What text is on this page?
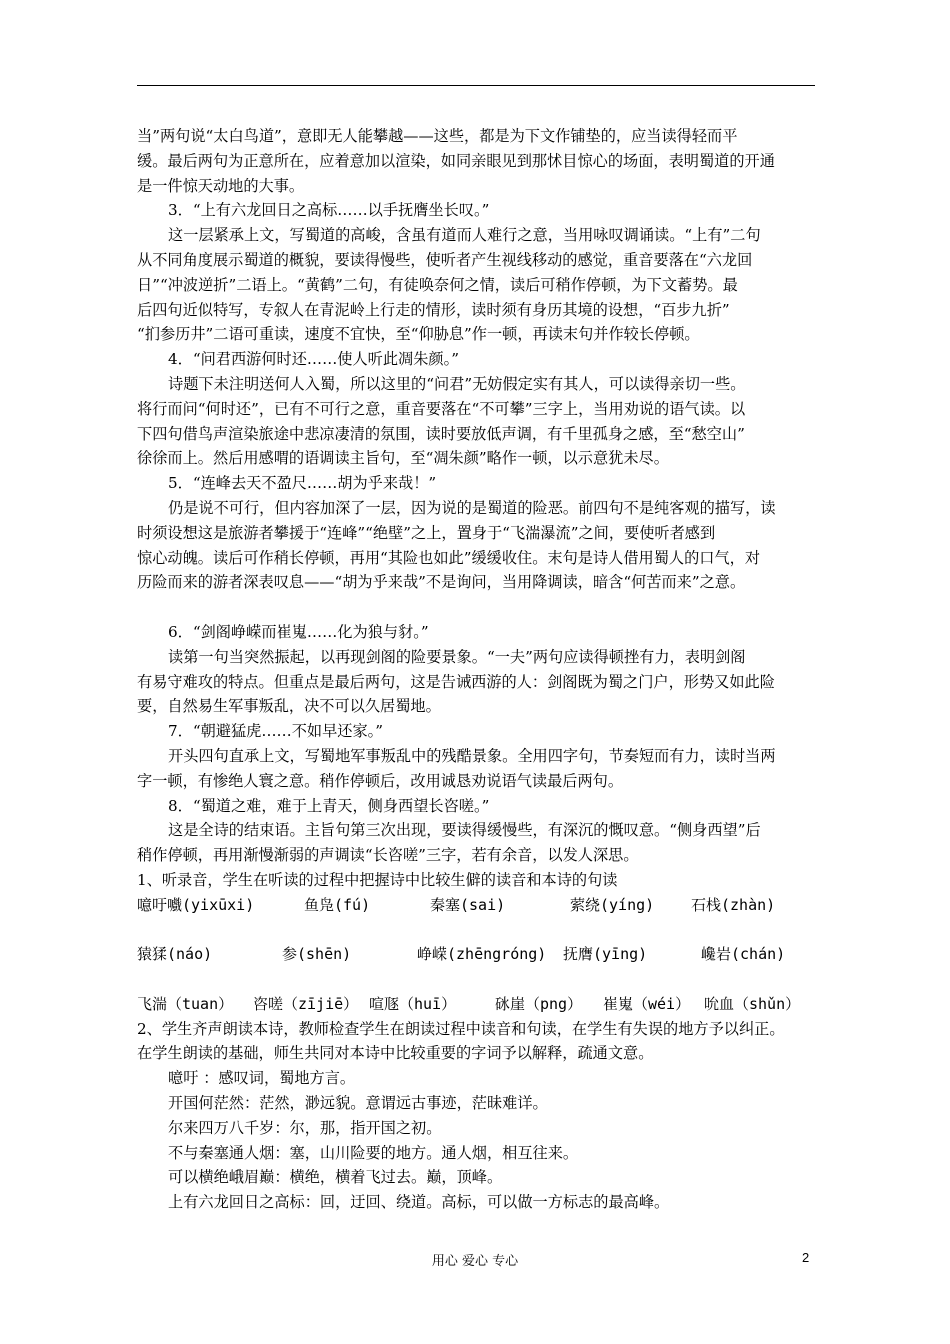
当”两句说“太白鸟道”，意即无人能攀越——这些，都是为下文作铺垫的，应当读得轻而平
缓。最后两句为正意所在，应着意加以渲染，如同亲眼见到那怵目惊心的场面，表明蜀道的开通
是一件惊天动地的大事。
3．“上有六龙回日之高标……以手抚膺坐长叹。”
这一层紧承上文，写蜀道的高峻，含虽有道而人难行之意，当用咏叹调诵读。“上有”二句
从不同角度展示蜀道的概貌，要读得慢些，使听者产生视线移动的感觉，重音要落在“六龙回
日”“冲波逆折”二语上。“黄鹤”二句，有徒唤奈何之情，读后可稍作停顿，为下文蓄势。最
后四句近似特写，专叙人在青泥岭上行走的情形，读时须有身历其境的设想，“百步九折”
“扪参历井”二语可重读，速度不宜快，至“仰胁息”作一顿，再读末句并作较长停顿。
4．“问君西游何时还……使人听此凋朱颜。”
诗题下未注明送何人入蜀，所以这里的“问君”无妨假定实有其人，可以读得亲切一些。
将行而问“何时还”，已有不可行之意，重音要落在“不可攀”三字上，当用劝说的语气读。以
下四句借鸟声渲染旅途中悲凉凄清的氛围，读时要放低声调，有千里孤身之感，至“愁空山”
徐徐而上。然后用感喟的语调读主旨句，至“凋朱颜”略作一顿，以示意犹未尽。
5．“连峰去天不盈尺……胡为乎来哉！”
仍是说不可行，但内容加深了一层，因为说的是蜀道的险恶。前四句不是纯客观的描写，读
时须设想这是旅游者攀援于“连峰”“绝壁”之上，置身于“飞湍瀑流”之间，要使听者感到
惊心动魄。读后可作稍长停顿，再用“其险也如此”缓缓收住。末句是诗人借用蜀人的口气，对
历险而来的游者深表叹息——“胡为乎来哉”不是询问，当用降调读，暗含“何苦而来”之意。
6．“剑阁峥嵘而崔嵬……化为狼与豺。”
读第一句当突然振起，以再现剑阁的险要景象。“一夫”两句应读得顿挫有力，表明剑阁
有易守难攻的特点。但重点是最后两句，这是告诫西游的人：剑阁既为蜀之门户，形势又如此险
要，自然易生军事叛乱，决不可以久居蜀地。
7．“朝避猛虎……不如早还家。”
开头四句直承上文，写蜀地军事叛乱中的残酷景象。全用四字句，节奏短而有力，读时当两
字一顿，有惨绝人寰之意。稍作停顿后，改用诚恳劝说语气读最后两句。
8．“蜀道之难，难于上青天，侧身西望长咨嗟。”
这是全诗的结束语。主旨句第三次出现，要读得缓慢些，有深沉的慨叹意。“侧身西望”后
稍作停顿，再用渐慢渐弱的声调读“长咨嗟”三字，若有余音，以发人深思。
1、听录音，学生在听读的过程中把握诗中比较生僻的读音和本诗的句读
噫吁嚱(yixūxi)	鱼凫(fú)	秦塞(sai)	萦绕(yíng) 石栈(zhàn)
猿猱(náo)	参(shēn)	峥嵘(zhēngróng) 抚膺(yīng)	巉岩(chán)
飞湍（tuan） 咨嗟（zījiē） 喧豗（huī）	砯崖（png） 崔嵬（wéi） 吮血（shǔn）
2、学生齐声朗读本诗，教师检查学生在朗读过程中读音和句读，在学生有失误的地方予以纠正。
在学生朗读的基础，师生共同对本诗中比较重要的字词予以解释，疏通文意。
噫吁 ：感叹词，蜀地方言。
开国何茫然：茫然，渺远貌。意谓远古事迹，茫昧难详。
尔来四万八千岁：尔，那，指开国之初。
不与秦塞通人烟：塞，山川险要的地方。通人烟，相互往来。
可以横绝峨眉巅：横绝，横着飞过去。巅，顶峰。
上有六龙回日之高标：回，迂回、绕道。高标，可以做一方标志的最高峰。
用心 爱心 专心	2
